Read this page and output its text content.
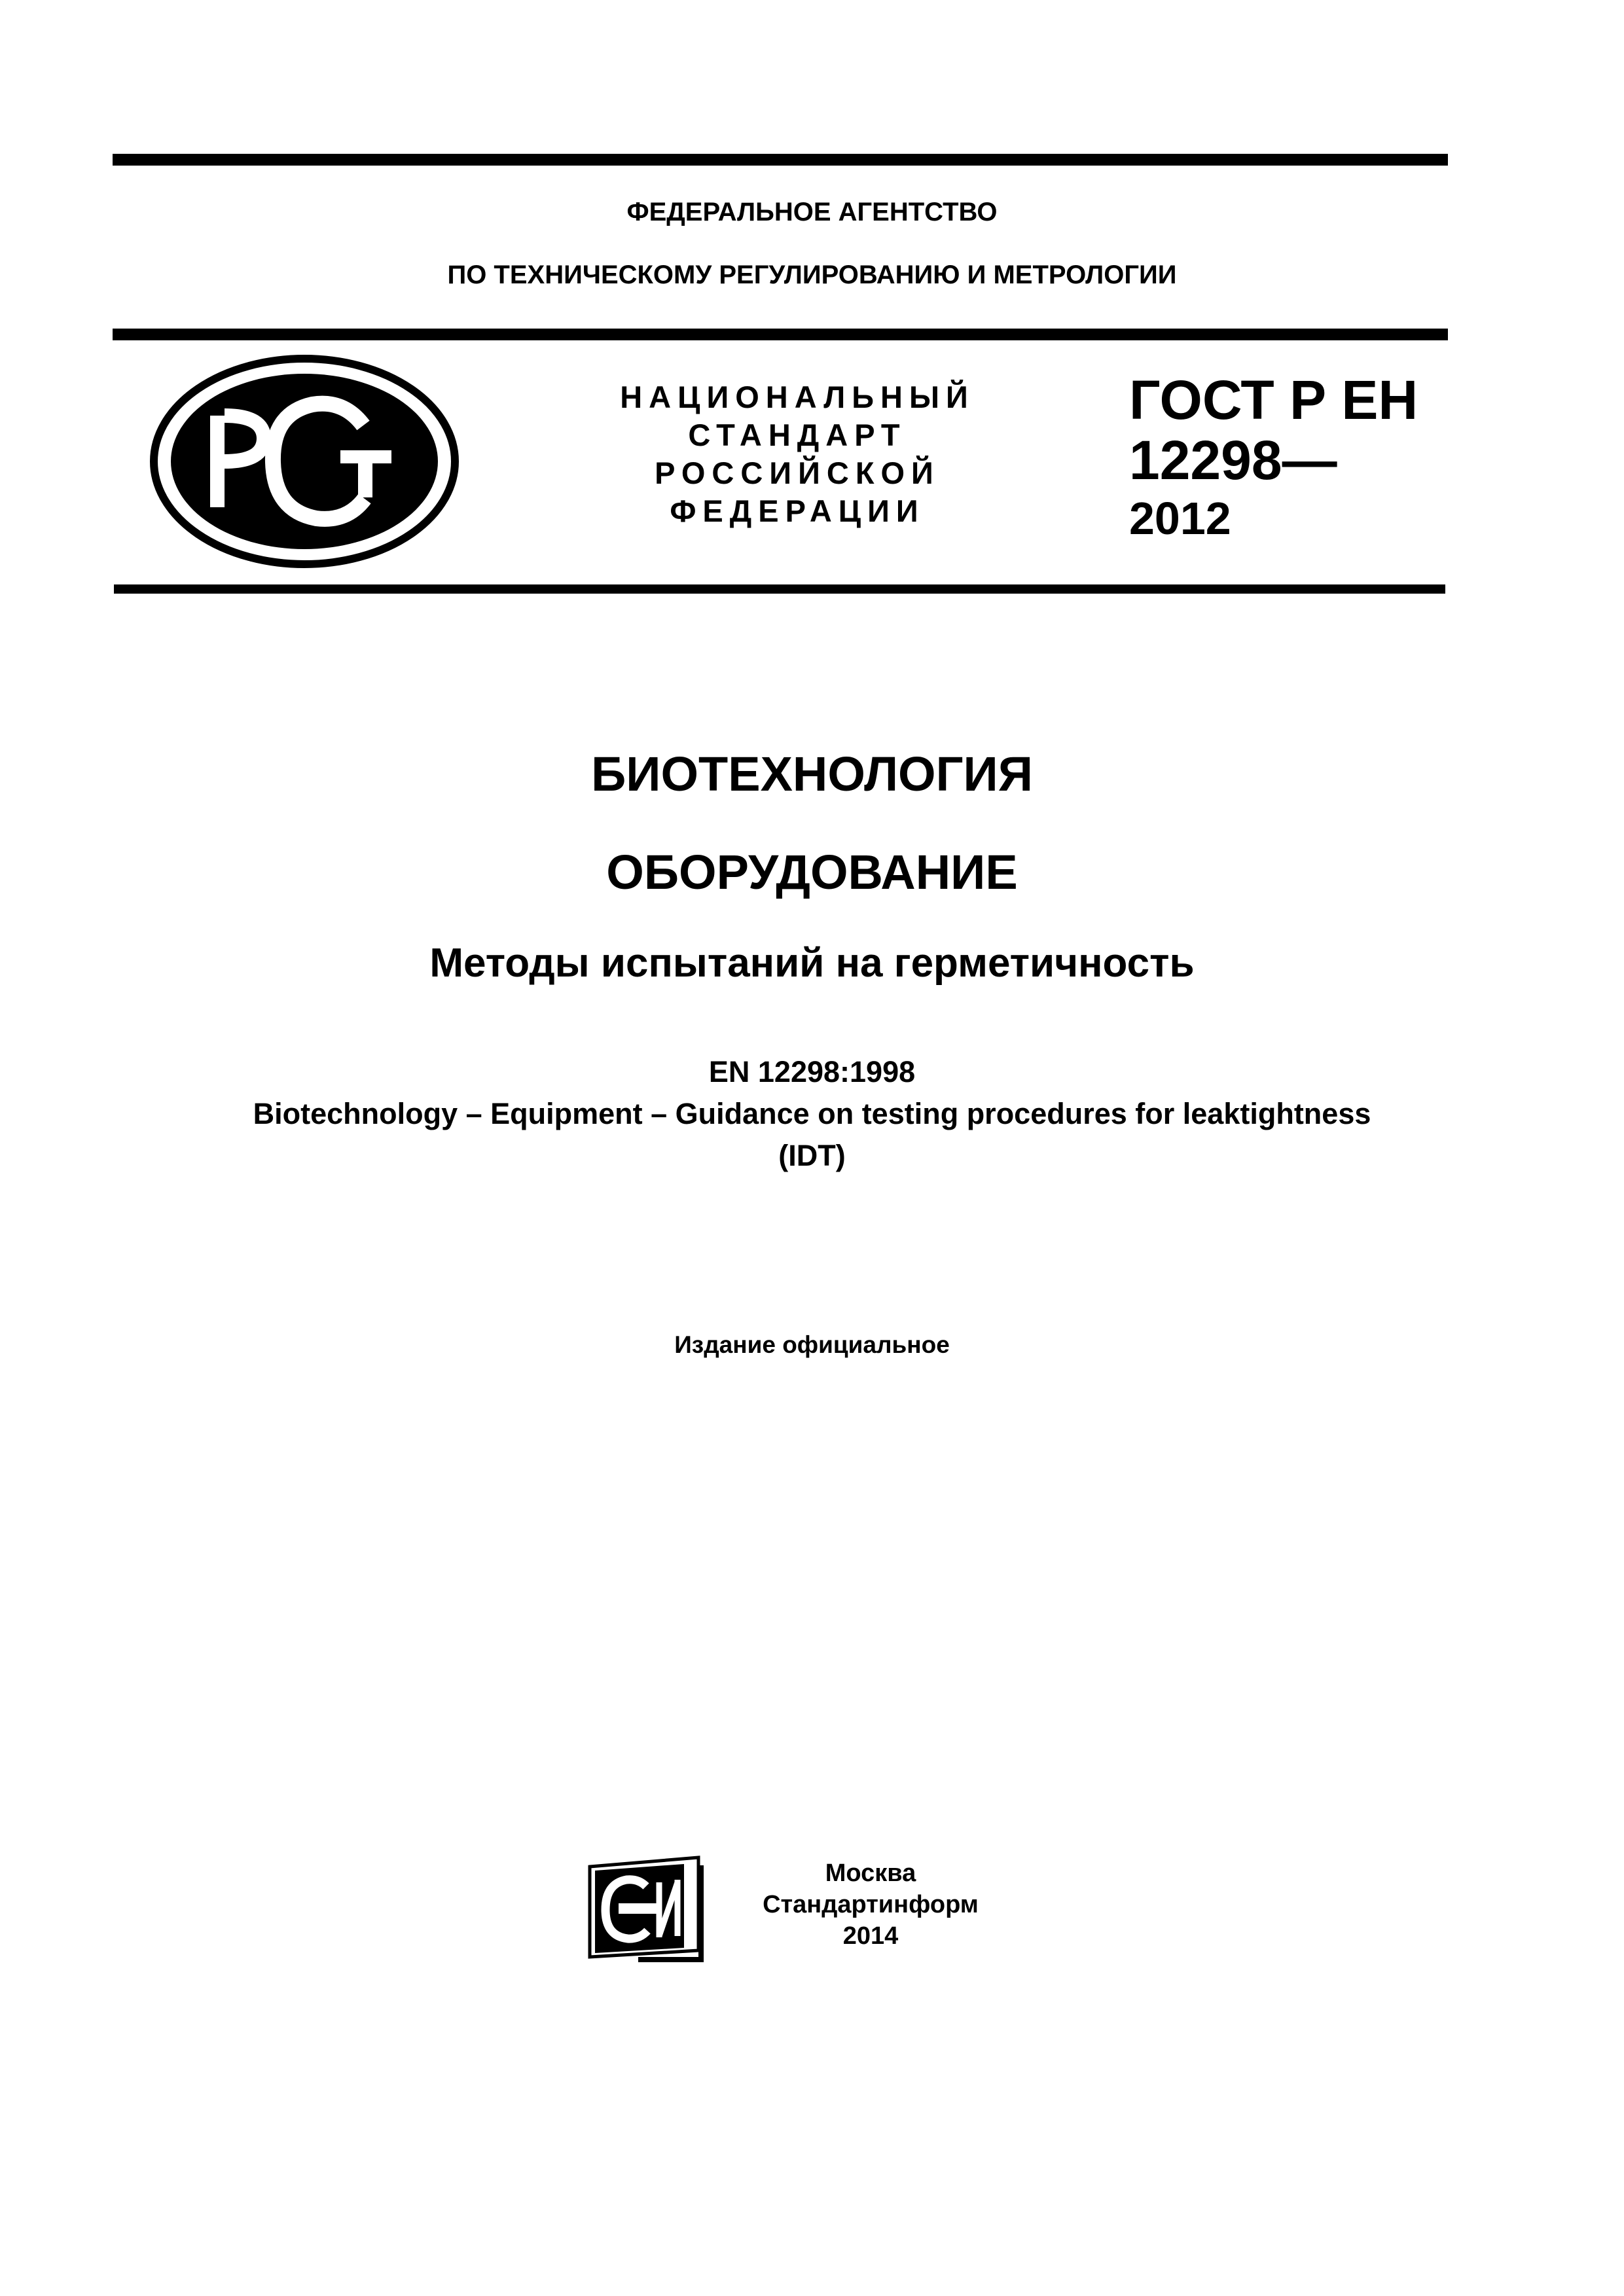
ФЕДЕРАЛЬНОЕ АГЕНТСТВО
ПО ТЕХНИЧЕСКОМУ РЕГУЛИРОВАНИЮ И МЕТРОЛОГИИ
НАЦИОНАЛЬНЫЙ
СТАНДАРТ
РОССИЙСКОЙ
ФЕДЕРАЦИИ
ГОСТ Р ЕН
12298—
2012
БИОТЕХНОЛОГИЯ
ОБОРУДОВАНИЕ
Методы испытаний на герметичность
EN 12298:1998
Biotechnology – Equipment – Guidance on testing procedures for leaktightness
(IDT)
Издание официальное
Москва
Стандартинформ
2014
